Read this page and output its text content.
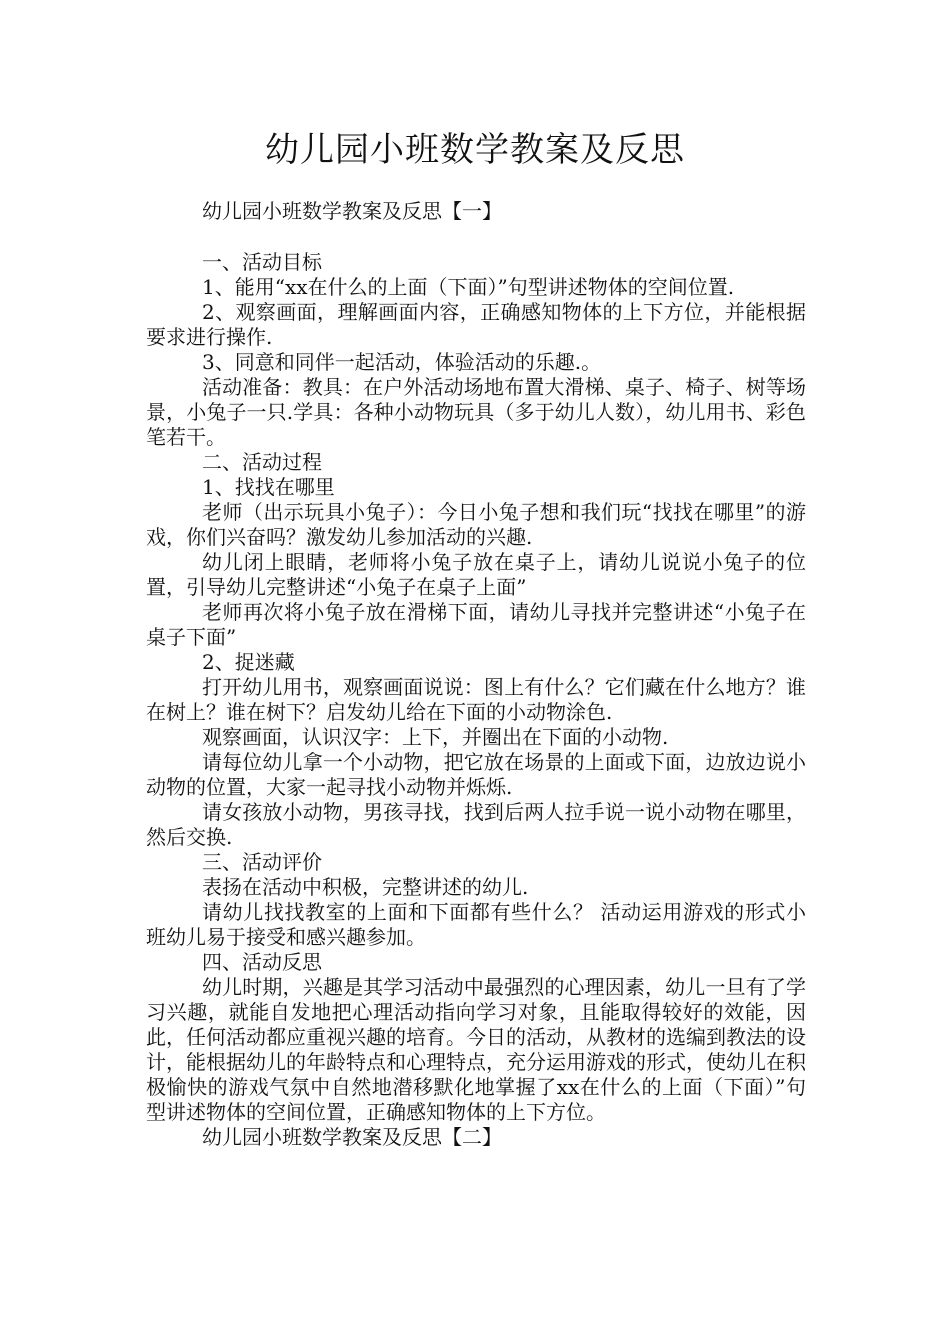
幼儿园小班数学教案及反思
幼儿园小班数学教案及反思【一】

一、活动目标

1、能用“xx在什么的上面（下面）”句型讲述物体的空间位置.

2、观察画面，理解画面内容，正确感知物体的上下方位，并能根据要求进行操作.

3、同意和同伴一起活动，体验活动的乐趣.。

活动准备：教具：在户外活动场地布置大滑梯、桌子、椅子、树等场景，小兔子一只.学具：各种小动物玩具（多于幼儿人数），幼儿用书、彩色笔若干。

二、活动过程

1、找找在哪里

老师（出示玩具小兔子）：今日小兔子想和我们玩“找找在哪里”的游戏，你们兴奋吗？激发幼儿参加活动的兴趣.

幼儿闭上眼睛，老师将小兔子放在桌子上，请幼儿说说小兔子的位置，引导幼儿完整讲述“小兔子在桌子上面”

老师再次将小兔子放在滑梯下面，请幼儿寻找并完整讲述“小兔子在桌子下面”

2、捉迷藏

打开幼儿用书，观察画面说说：图上有什么？它们藏在什么地方？谁在树上？谁在树下？启发幼儿给在下面的小动物涂色.

观察画面，认识汉字：上下，并圈出在下面的小动物.

请每位幼儿拿一个小动物，把它放在场景的上面或下面，边放边说小动物的位置，大家一起寻找小动物并烁烁.

请女孩放小动物，男孩寻找，找到后两人拉手说一说小动物在哪里，然后交换.

三、活动评价

表扬在活动中积极，完整讲述的幼儿.

请幼儿找找教室的上面和下面都有些什么？ 活动运用游戏的形式小班幼儿易于接受和感兴趣参加。

四、活动反思

幼儿时期，兴趣是其学习活动中最强烈的心理因素，幼儿一旦有了学习兴趣，就能自发地把心理活动指向学习对象，且能取得较好的效能，因此，任何活动都应重视兴趣的培育。今日的活动，从教材的选编到教法的设计，能根据幼儿的年龄特点和心理特点，充分运用游戏的形式，使幼儿在积极愉快的游戏气氛中自然地潜移默化地掌握了xx在什么的上面（下面）”句型讲述物体的空间位置，正确感知物体的上下方位。

幼儿园小班数学教案及反思【二】
